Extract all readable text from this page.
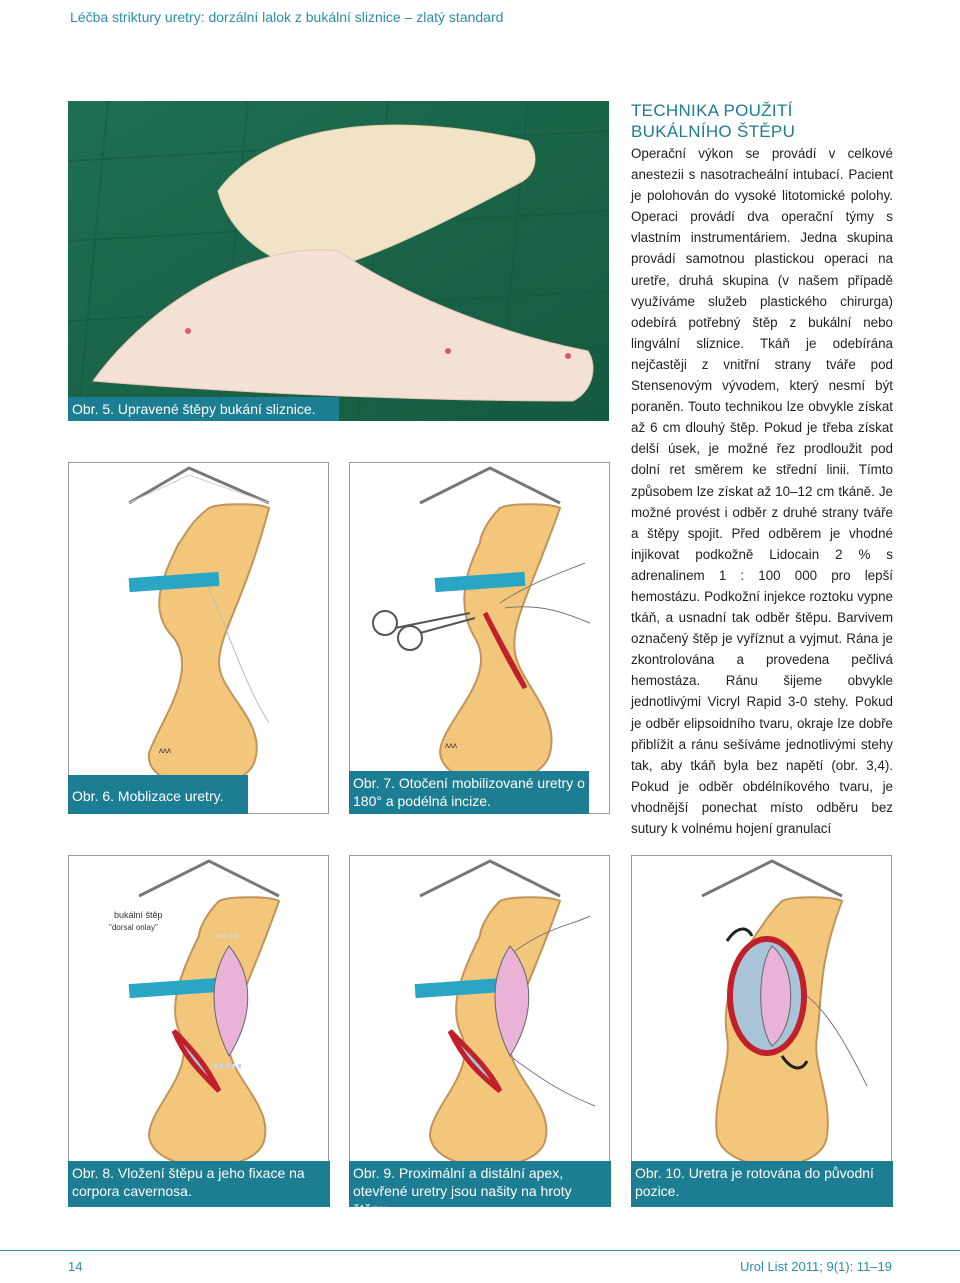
Léčba striktury uretry: dorzální lalok z bukální sliznice – zlatý standard
Obr. 5. Upravené štěpy bukání sliznice.
ʌʌʌ
Obr. 6. Moblizace uretry.
ʌʌʌ
Obr. 7. Otočení mobilizované uretry o 180° a podélná incize.
TECHNIKA POUŽITÍ BUKÁLNÍHO ŠTĚPU
Operační výkon se provádí v celkové anestezii s nasotracheální intubací. Pacient je polohován do vysoké litotomické polohy. Operaci provádí dva operační týmy s vlastním instrumentáriem. Jedna skupina provádí samotnou plastickou operaci na uretře, druhá skupina (v našem případě využíváme služeb plastického chirurga) odebírá potřebný štěp z bukální nebo lingvální sliznice. Tkáň je odebírána nejčastěji z vnitřní strany tváře pod Stensenovým vývodem, který nesmí být poraněn. Touto technikou lze obvykle získat až 6 cm dlouhý štěp. Pokud je třeba získat delší úsek, je možné řez prodloužit pod dolní ret směrem ke střední linii. Tímto způsobem lze získat až 10–12 cm tkáně. Je možné provést i odběr z druhé strany tváře a štěpy spojit. Před odběrem je vhodné injikovat podkožně Lidocain 2 % s adrenalinem 1 : 100 000 pro lepší hemostázu. Podkožní injekce roztoku vypne tkáň, a usnadní tak odběr štěpu. Barvivem označený štěp je vyříznut a vyjmut. Rána je zkontrolována a provedena pečlivá hemostáza. Ránu šijeme obvykle jednotlivými Vicryl Rapid 3-0 stehy. Pokud je odběr elipsoidního tvaru, okraje lze dobře přiblížit a ránu sešíváme jednotlivými stehy tak, aby tkáň byla bez napětí (obr. 3,4). Pokud je odběr obdélníkového tvaru, je vhodnější ponechat místo odběru bez sutury k volnému hojení granulací
bukální štěp
"dorsal onlay"
Obr. 8. Vložení štěpu a jeho fixace na corpora cavernosa.
Obr. 9. Proximální a distální apex, otevřené uretry jsou našity na hroty štěpu.
Obr. 10. Uretra je rotována do původní pozice.
14	Urol List 2011; 9(1): 11–19
